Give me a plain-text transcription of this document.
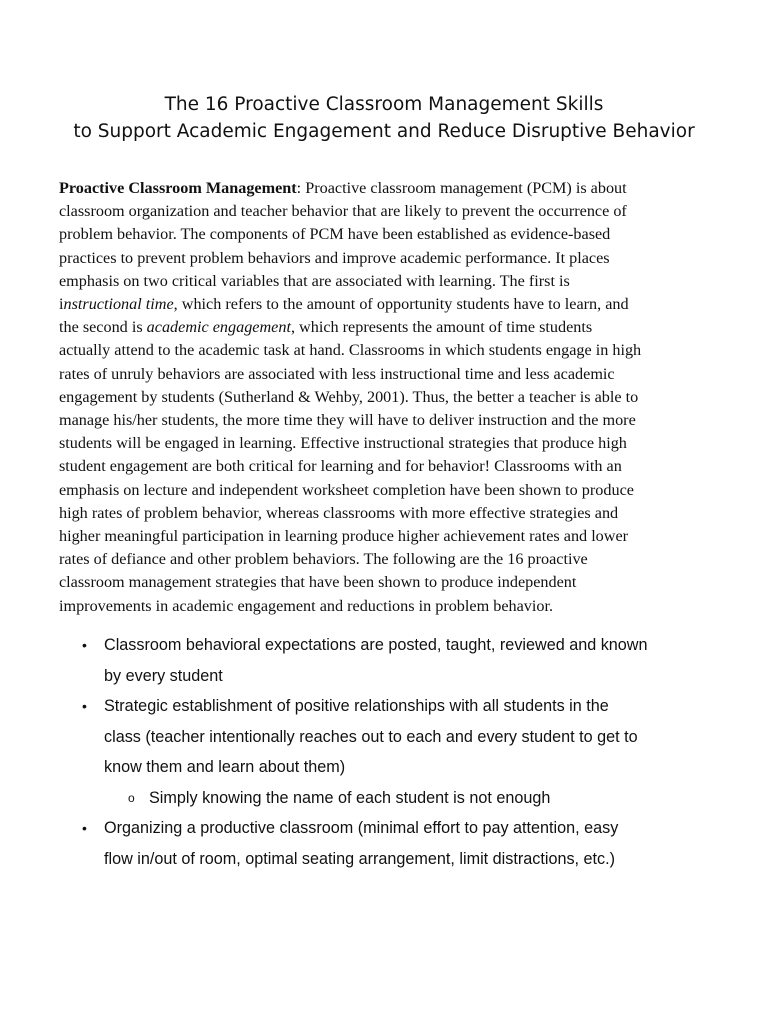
The 16 Proactive Classroom Management Skills
to Support Academic Engagement and Reduce Disruptive Behavior
Proactive Classroom Management: Proactive classroom management (PCM) is about
classroom organization and teacher behavior that are likely to prevent the occurrence of
problem behavior. The components of PCM have been established as evidence-based
practices to prevent problem behaviors and improve academic performance. It places
emphasis on two critical variables that are associated with learning. The first is
instructional time, which refers to the amount of opportunity students have to learn, and
the second is academic engagement, which represents the amount of time students
actually attend to the academic task at hand. Classrooms in which students engage in high
rates of unruly behaviors are associated with less instructional time and less academic
engagement by students (Sutherland & Wehby, 2001). Thus, the better a teacher is able to
manage his/her students, the more time they will have to deliver instruction and the more
students will be engaged in learning. Effective instructional strategies that produce high
student engagement are both critical for learning and for behavior! Classrooms with an
emphasis on lecture and independent worksheet completion have been shown to produce
high rates of problem behavior, whereas classrooms with more effective strategies and
higher meaningful participation in learning produce higher achievement rates and lower
rates of defiance and other problem behaviors. The following are the 16 proactive
classroom management strategies that have been shown to produce independent
improvements in academic engagement and reductions in problem behavior.
• Classroom behavioral expectations are posted, taught, reviewed and known
by every student
• Strategic establishment of positive relationships with all students in the
class (teacher intentionally reaches out to each and every student to get to
know them and learn about them)
o Simply knowing the name of each student is not enough
• Organizing a productive classroom (minimal effort to pay attention, easy
flow in/out of room, optimal seating arrangement, limit distractions, etc.)
